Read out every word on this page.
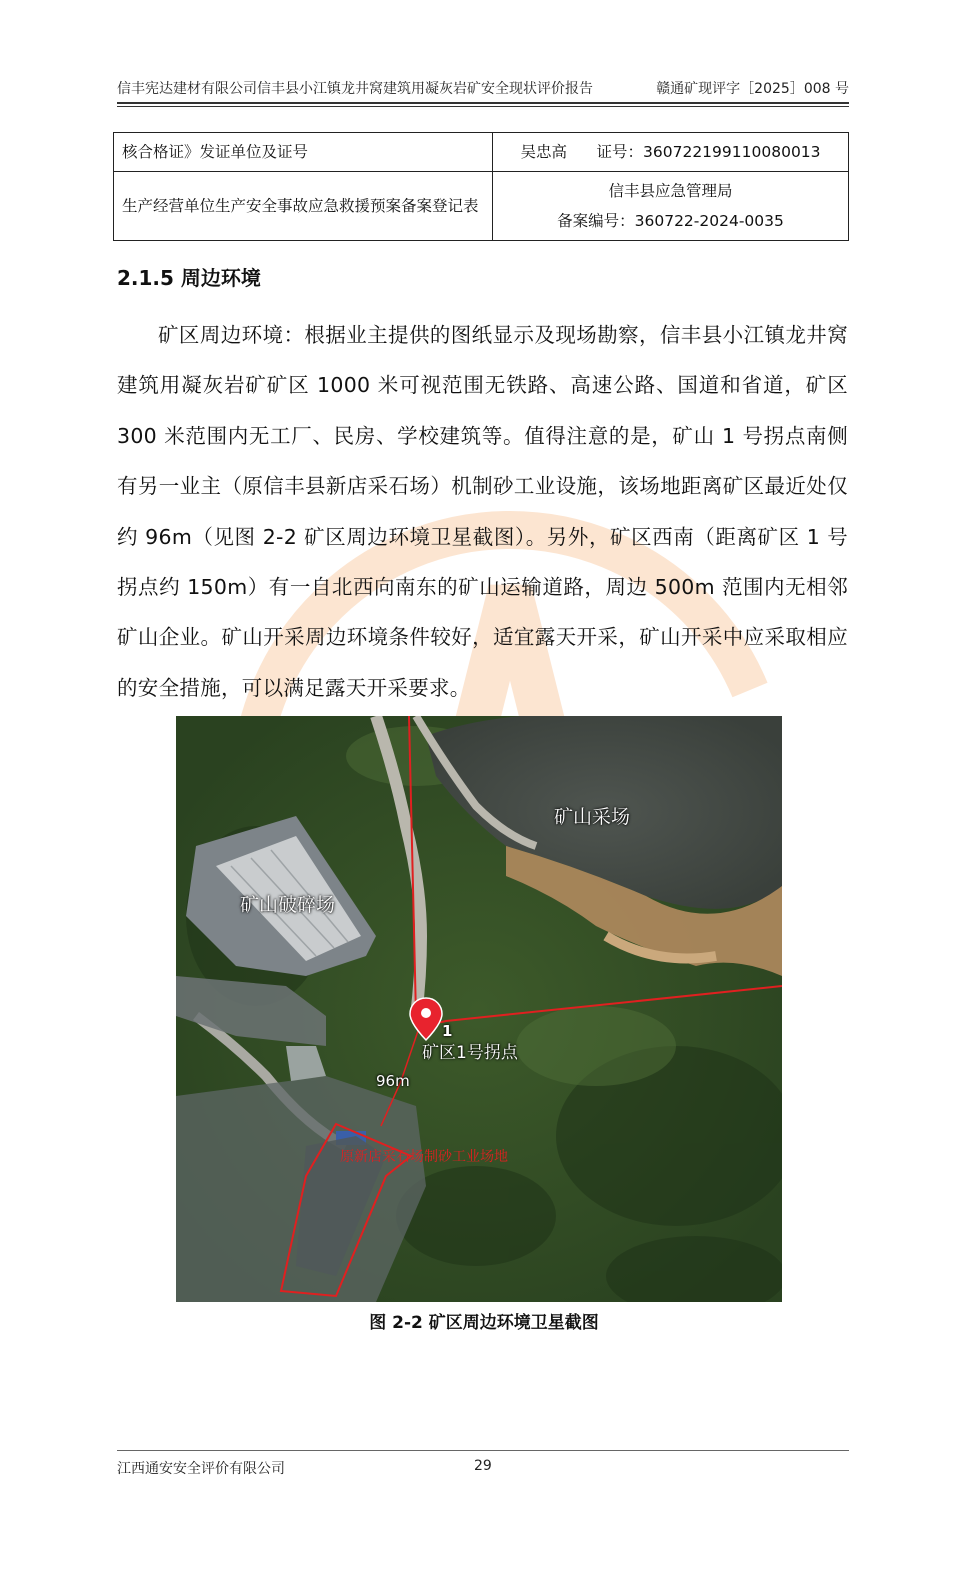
信丰宪达建材有限公司信丰县小江镇龙井窝建筑用凝灰岩矿安全现状评价报告	赣通矿现评字［2025］008 号
核合格证》发证单位及证号	吴忠高      证号：360722199110080013
生产经营单位生产安全事故应急救援预案备案登记表	信丰县应急管理局
备案编号：360722-2024-0035
2.1.5 周边环境
矿区周边环境：根据业主提供的图纸显示及现场勘察，信丰县小江镇龙井窝建筑用凝灰岩矿矿区 1000 米可视范围无铁路、高速公路、国道和省道，矿区 300 米范围内无工厂、民房、学校建筑等。值得注意的是，矿山 1 号拐点南侧有另一业主（原信丰县新店采石场）机制砂工业设施，该场地距离矿区最近处仅约 96m（见图 2-2 矿区周边环境卫星截图）。另外，矿区西南（距离矿区 1 号拐点约 150m）有一自北西向南东的矿山运输道路，周边 500m 范围内无相邻矿山企业。矿山开采周边环境条件较好，适宜露天开采，矿山开采中应采取相应的安全措施，可以满足露天开采要求。
矿山采场
矿山破碎场
1
矿区1号拐点
96m
原新店采石场制砂工业场地
图 2-2 矿区周边环境卫星截图
江西通安安全评价有限公司	29
